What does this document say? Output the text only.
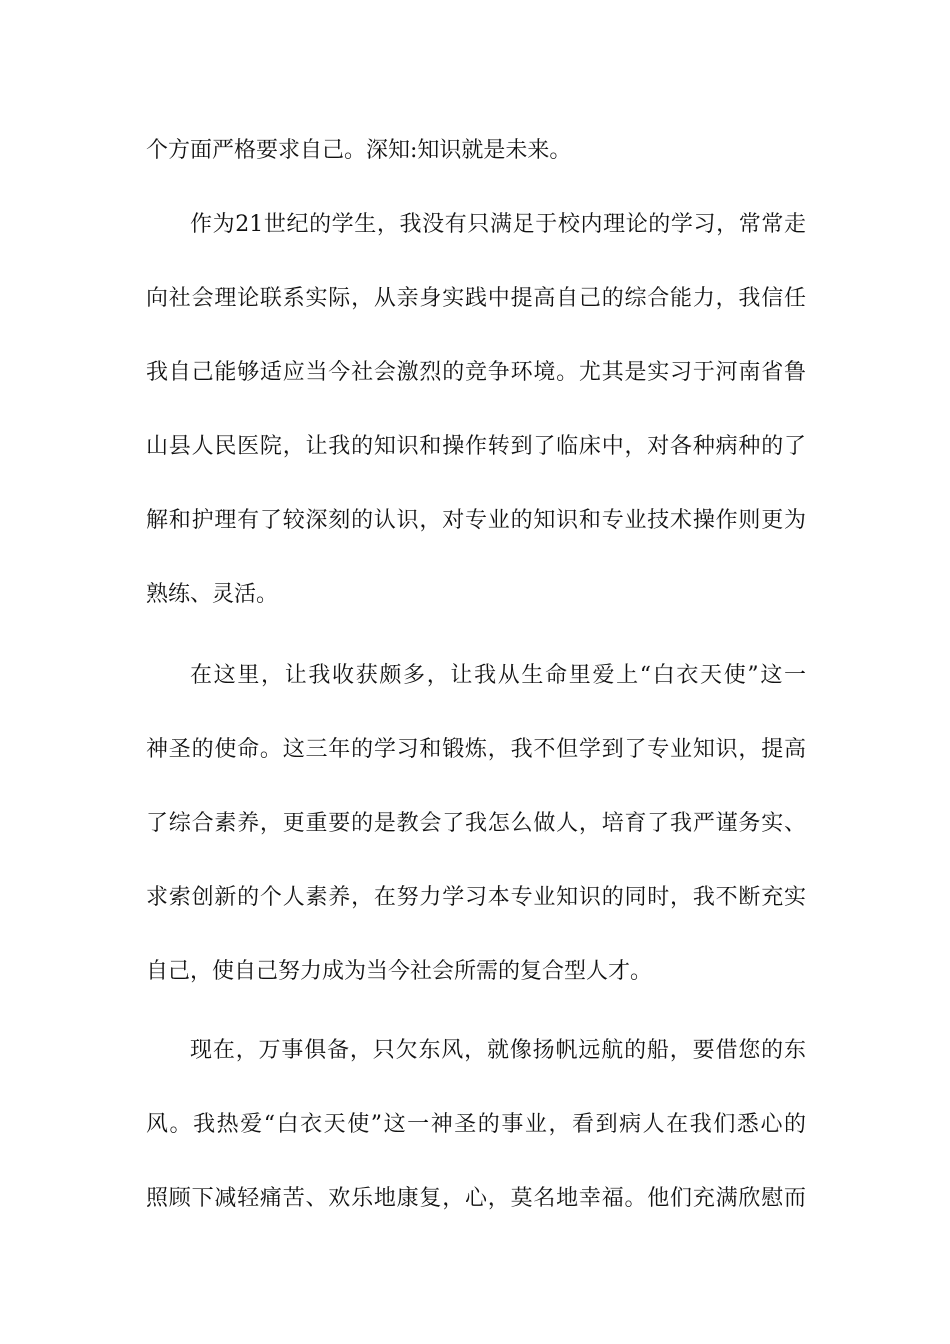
个方面严格要求自己。深知:知识就是未来。
作为21世纪的学生，我没有只满足于校内理论的学习，常常走
向社会理论联系实际，从亲身实践中提高自己的综合能力，我信任
我自己能够适应当今社会激烈的竞争环境。尤其是实习于河南省鲁
山县人民医院，让我的知识和操作转到了临床中，对各种病种的了
解和护理有了较深刻的认识，对专业的知识和专业技术操作则更为
熟练、灵活。
在这里，让我收获颇多，让我从生命里爱上“白衣天使”这一
神圣的使命。这三年的学习和锻炼，我不但学到了专业知识，提高
了综合素养，更重要的是教会了我怎么做人，培育了我严谨务实、
求索创新的个人素养，在努力学习本专业知识的同时，我不断充实
自己，使自己努力成为当今社会所需的复合型人才。
现在，万事俱备，只欠东风，就像扬帆远航的船，要借您的东
风。我热爱“白衣天使”这一神圣的事业，看到病人在我们悉心的
照顾下减轻痛苦、欢乐地康复，心，莫名地幸福。他们充满欣慰而
